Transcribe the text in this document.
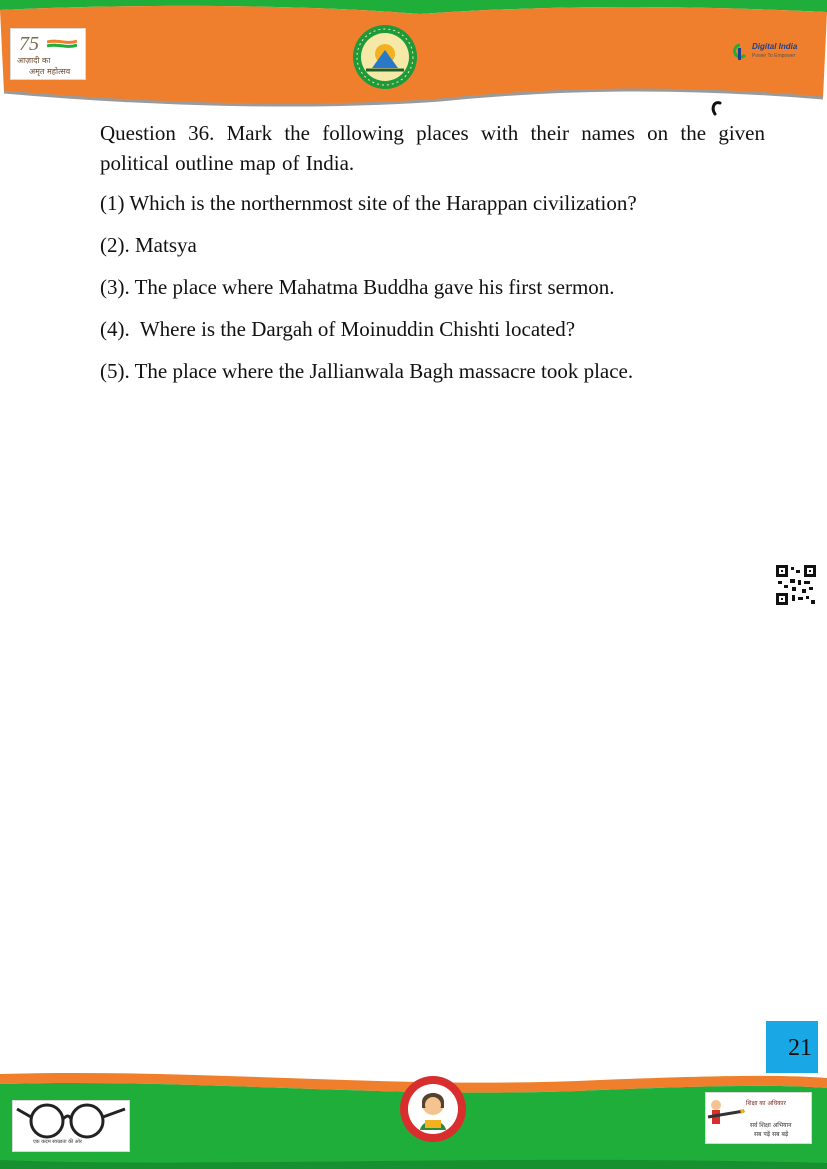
75
आज़ादी का
अमृत महोत्सव
Digital India
Power To Empower

Question 36. Mark the following places with their names on the given political outline map of India.

(1) Which is the northernmost site of the Harappan civilization?

(2). Matsya

(3). The place where Mahatma Buddha gave his first sermon.

(4).  Where is the Dargah of Moinuddin Chishti located?

(5). The place where the Jallianwala Bagh massacre took place.

21
एक कदम स्वच्छता की ओर
शिक्षा का अधिकार
सर्व शिक्षा अभियान
सब पढ़ें सब बढ़ें
